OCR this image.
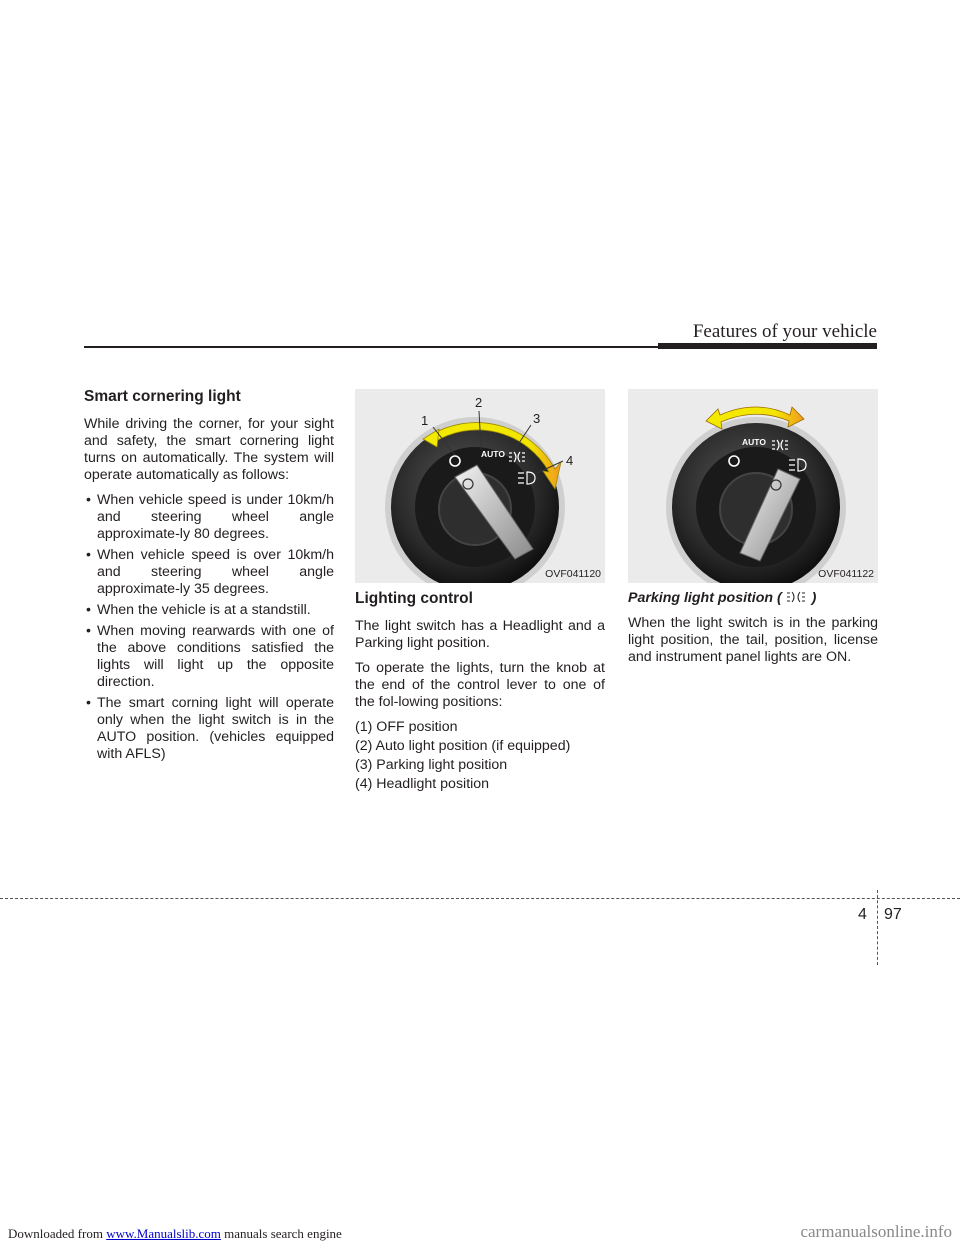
Features of your vehicle
Smart cornering light

While driving the corner, for your sight and safety, the smart cornering light turns on automatically. The system will operate automatically as follows:

• When vehicle speed is under 10km/h and steering wheel angle approximate-ly 80 degrees.
• When vehicle speed is over 10km/h and steering wheel angle approximate-ly 35 degrees.
• When the vehicle is at a standstill.
• When moving rearwards with one of the above conditions satisfied the lights will light up the opposite direction.
• The smart corning light will operate only when the light switch is in the AUTO position. (vehicles equipped with AFLS)
AUTO
1
2
3
4
OVF041120
AUTO
OVF041122
Lighting control

The light switch has a Headlight and a Parking light position.

To operate the lights, turn the knob at the end of the control lever to one of the fol-lowing positions:

(1) OFF position
(2) Auto light position (if equipped)
(3) Parking light position
(4) Headlight position
Parking light position ( )

When the light switch is in the parking light position, the tail, position, license and instrument panel lights are ON.

4 97
Downloaded from www.Manualslib.com manuals search engine	carmanualsonline.info
